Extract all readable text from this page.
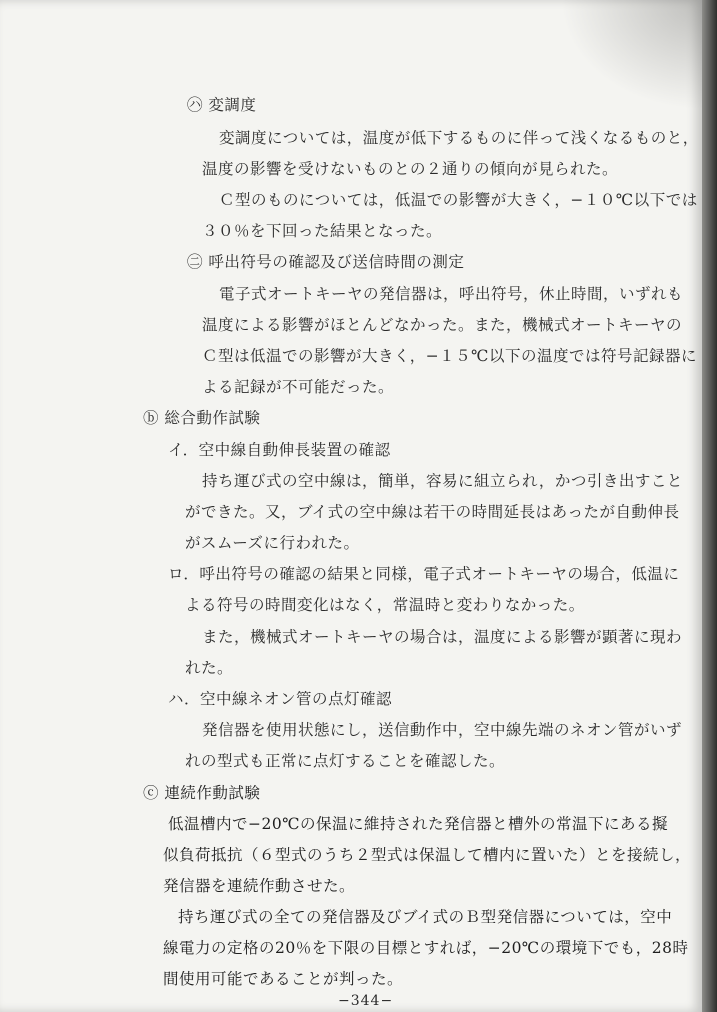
㋩ 変調度
変調度については，温度が低下するものに伴って浅くなるものと，
温度の影響を受けないものとの２通りの傾向が見られた。
Ｃ型のものについては，低温での影響が大きく，−１０℃以下では
３０％を下回った結果となった。
㊁ 呼出符号の確認及び送信時間の測定
電子式オートキーヤの発信器は，呼出符号，休止時間，いずれも
温度による影響がほとんどなかった。また，機械式オートキーヤの
Ｃ型は低温での影響が大きく，−１５℃以下の温度では符号記録器に
よる記録が不可能だった。
ⓑ 総合動作試験
イ．空中線自動伸長装置の確認
持ち運び式の空中線は，簡単，容易に組立られ，かつ引き出すこと
ができた。又，ブイ式の空中線は若干の時間延長はあったが自動伸長
がスムーズに行われた。
ロ．呼出符号の確認の結果と同様，電子式オートキーヤの場合，低温に
よる符号の時間変化はなく，常温時と変わりなかった。
また，機械式オートキーヤの場合は，温度による影響が顕著に現わ
れた。
ハ．空中線ネオン管の点灯確認
発信器を使用状態にし，送信動作中，空中線先端のネオン管がいず
れの型式も正常に点灯することを確認した。
ⓒ 連続作動試験
低温槽内で−20℃の保温に維持された発信器と槽外の常温下にある擬
似負荷抵抗（６型式のうち２型式は保温して槽内に置いた）とを接続し，
発信器を連続作動させた。
持ち運び式の全ての発信器及びブイ式のＢ型発信器については，空中
線電力の定格の20％を下限の目標とすれば，−20℃の環境下でも，28時
間使用可能であることが判った。
−344−
